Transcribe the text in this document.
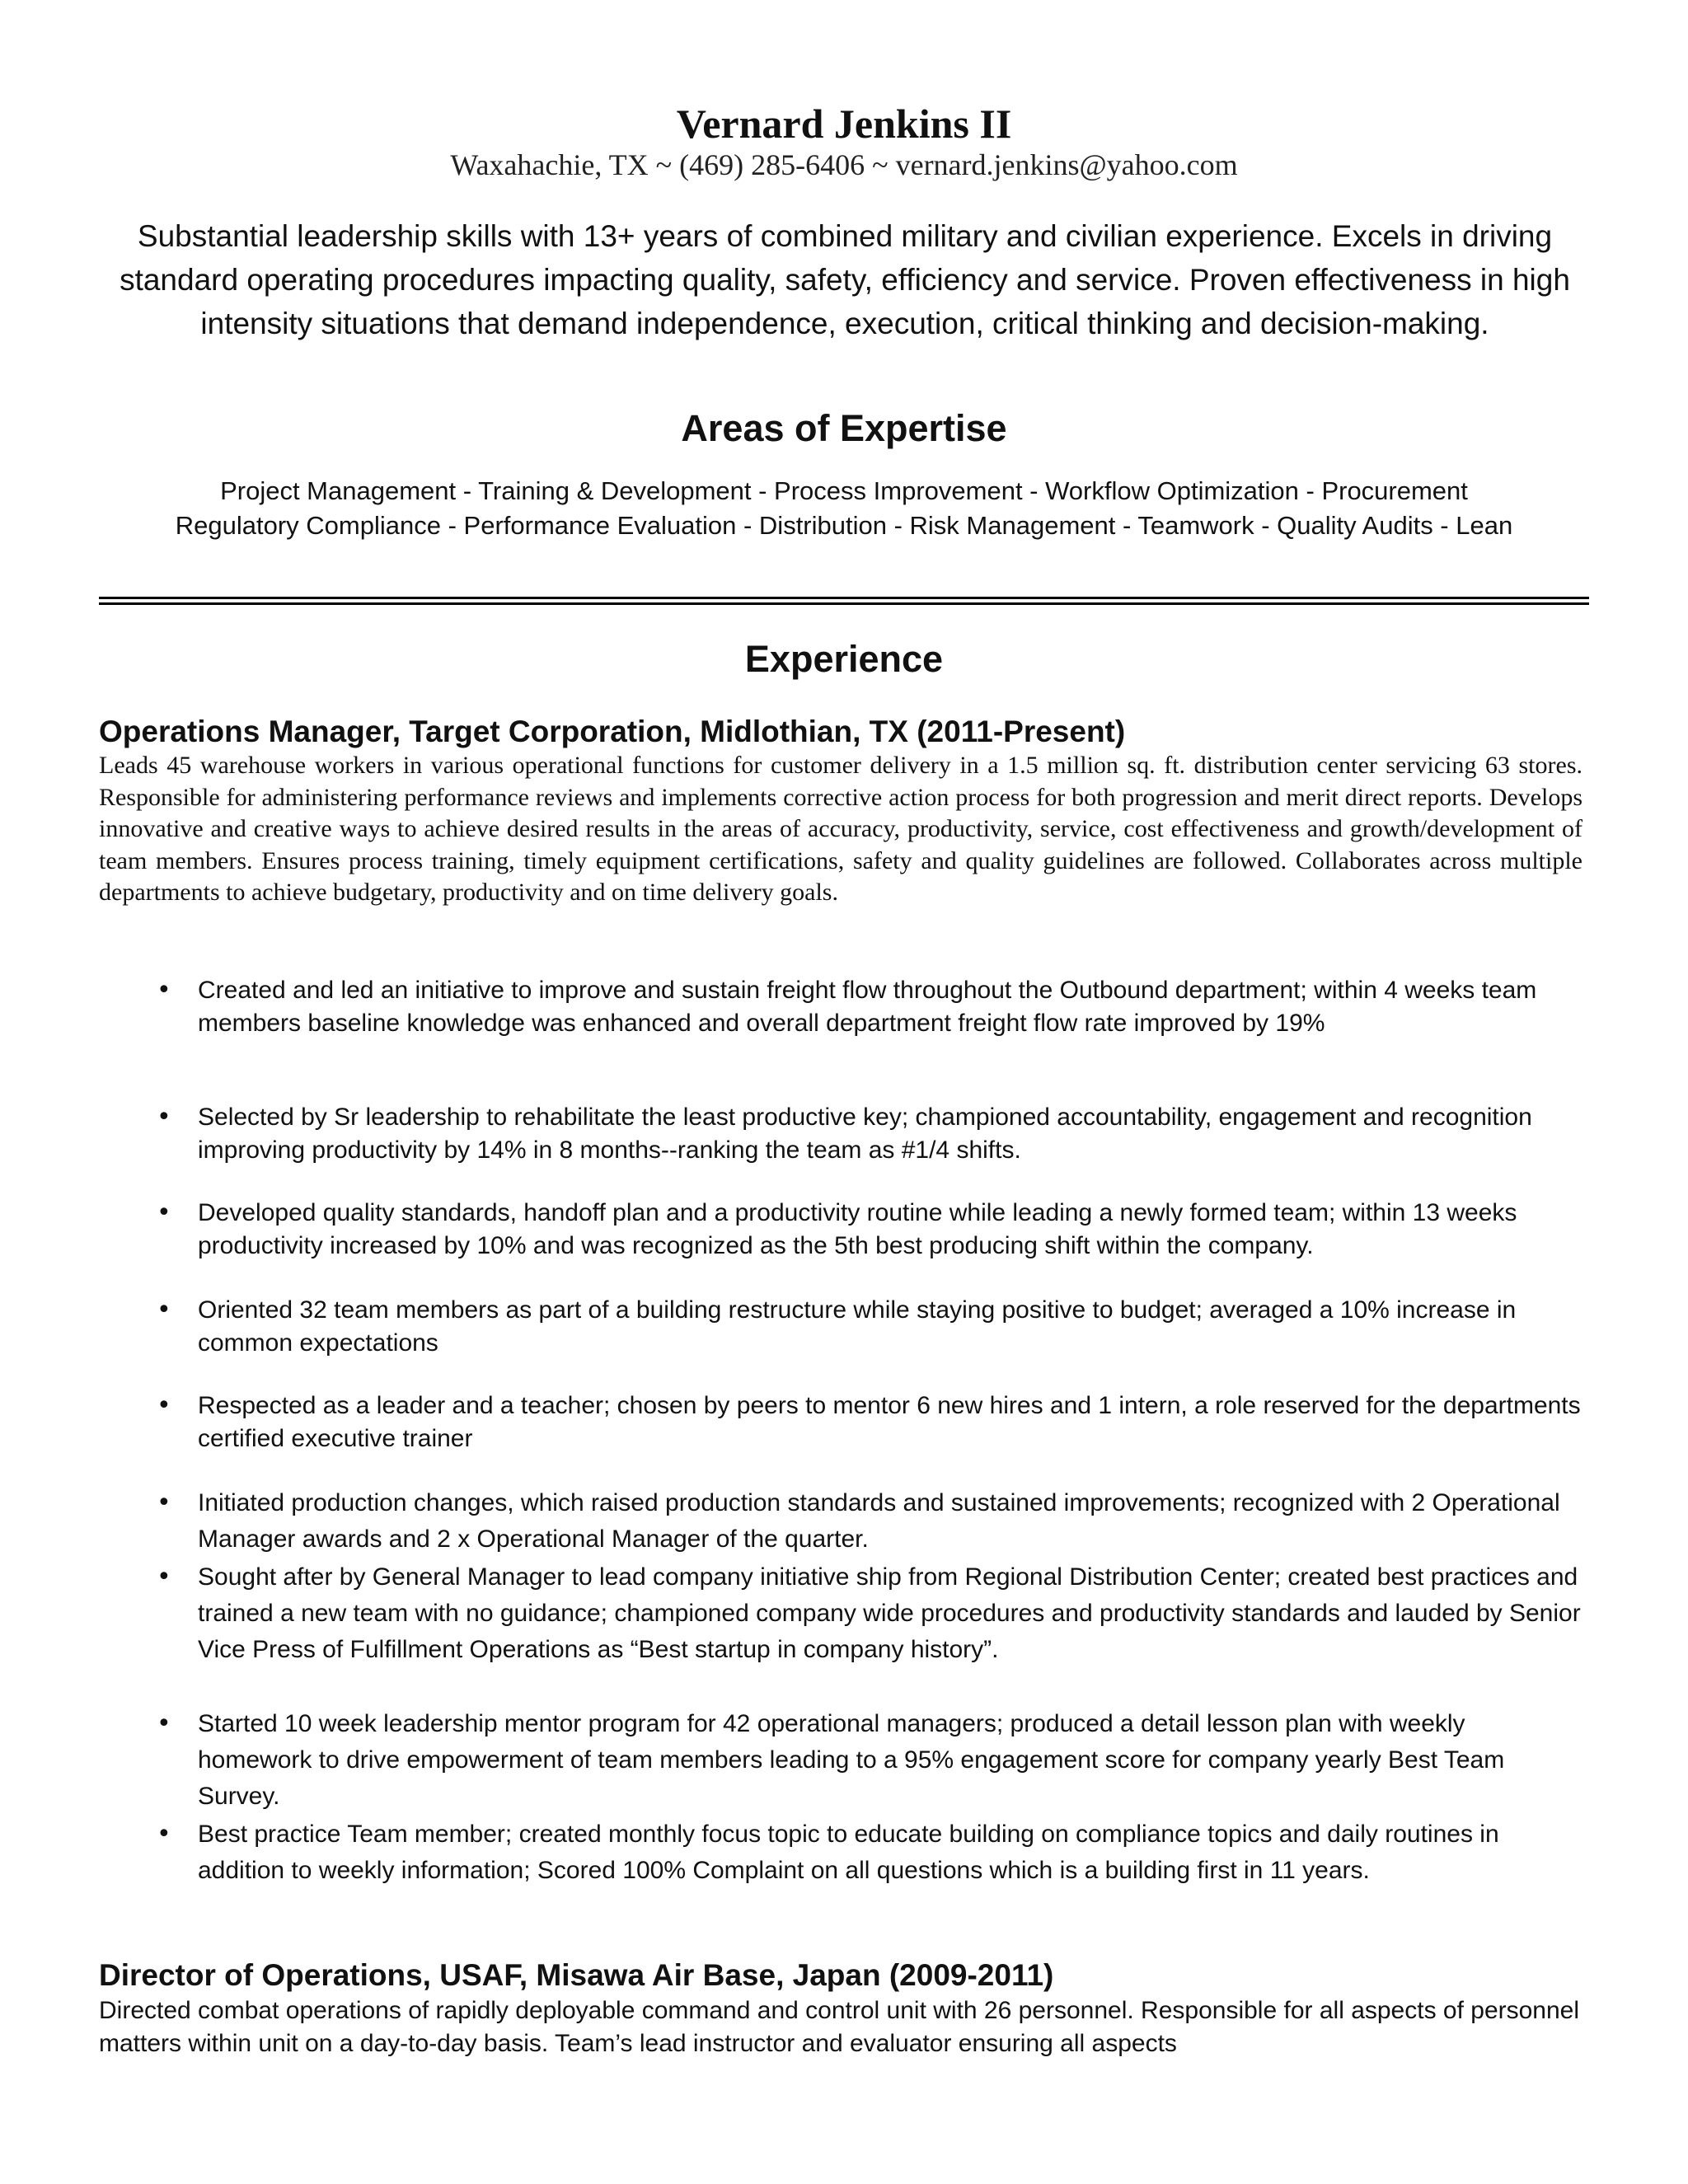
Vernard Jenkins II
Waxahachie, TX ~ (469) 285-6406 ~ vernard.jenkins@yahoo.com

Substantial leadership skills with 13+ years of combined military and civilian experience. Excels in driving standard operating procedures impacting quality, safety, efficiency and service. Proven effectiveness in high intensity situations that demand independence, execution, critical thinking and decision-making.

Areas of Expertise
Project Management - Training & Development - Process Improvement - Workflow Optimization - Procurement
Regulatory Compliance - Performance Evaluation - Distribution - Risk Management - Teamwork - Quality Audits - Lean
Experience
Operations Manager, Target Corporation, Midlothian, TX (2011-Present)

Leads 45 warehouse workers in various operational functions for customer delivery in a 1.5 million sq. ft. distribution center servicing 63 stores. Responsible for administering performance reviews and implements corrective action process for both progression and merit direct reports. Develops innovative and creative ways to achieve desired results in the areas of accuracy, productivity, service, cost effectiveness and growth/development of team members. Ensures process training, timely equipment certifications, safety and quality guidelines are followed. Collaborates across multiple departments to achieve budgetary, productivity and on time delivery goals.

•	Created and led an initiative to improve and sustain freight flow throughout the Outbound department; within 4 weeks team members baseline knowledge was enhanced and overall department freight flow rate improved by 19%
•	Selected by Sr leadership to rehabilitate the least productive key; championed accountability, engagement and recognition improving productivity by 14% in 8 months--ranking the team as #1/4 shifts.
•	Developed quality standards, handoff plan and a productivity routine while leading a newly formed team; within 13 weeks productivity increased by 10% and was recognized as the 5th best producing shift within the company.
•	Oriented 32 team members as part of a building restructure while staying positive to budget; averaged a 10% increase in common expectations
•	Respected as a leader and a teacher; chosen by peers to mentor 6 new hires and 1 intern, a role reserved for the departments certified executive trainer
•	Initiated production changes, which raised production standards and sustained improvements; recognized with 2 Operational Manager awards and 2 x Operational Manager of the quarter.
•	Sought after by General Manager to lead company initiative ship from Regional Distribution Center; created best practices and trained a new team with no guidance; championed company wide procedures and productivity standards and lauded by Senior Vice Press of Fulfillment Operations as “Best startup in company history”.
•	Started 10 week leadership mentor program for 42 operational managers; produced a detail lesson plan with weekly homework to drive empowerment of team members leading to a 95% engagement score for company yearly Best Team Survey.
•	Best practice Team member; created monthly focus topic to educate building on compliance topics and daily routines in addition to weekly information; Scored 100% Complaint on all questions which is a building first in 11 years.
Director of Operations, USAF, Misawa Air Base, Japan (2009-2011)

Directed combat operations of rapidly deployable command and control unit with 26 personnel. Responsible for all aspects of personnel matters within unit on a day-to-day basis. Team’s lead instructor and evaluator ensuring all aspects
